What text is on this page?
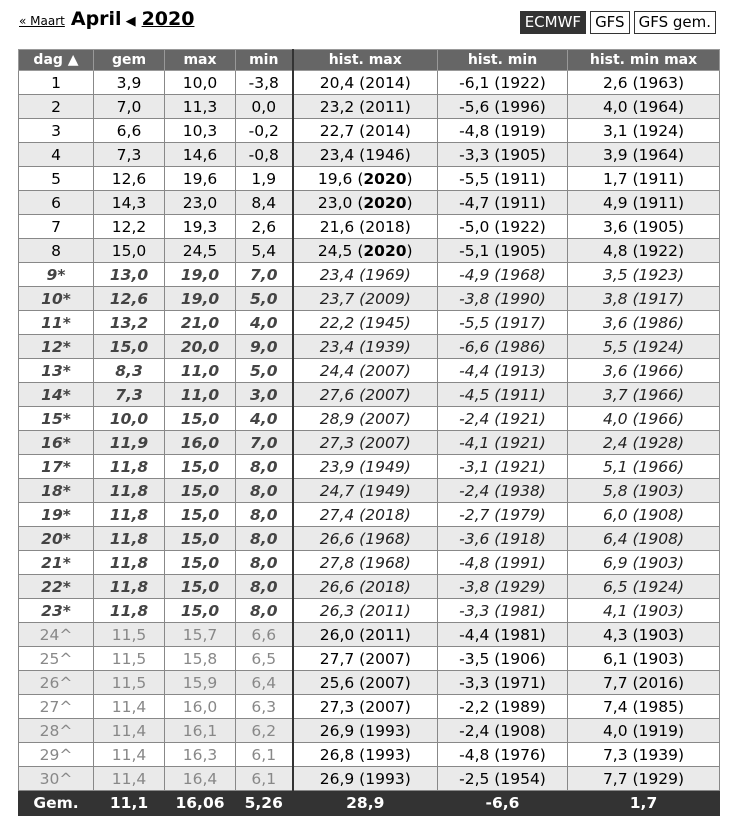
« Maart April ◀ 2020	ECMWF GFS GFS gem.
dag ▲	gem	max	min	hist. max	hist. min	hist. min max
1	3,9	10,0	-3,8	20,4 (2014)	-6,1 (1922)	2,6 (1963)
2	7,0	11,3	0,0	23,2 (2011)	-5,6 (1996)	4,0 (1964)
3	6,6	10,3	-0,2	22,7 (2014)	-4,8 (1919)	3,1 (1924)
4	7,3	14,6	-0,8	23,4 (1946)	-3,3 (1905)	3,9 (1964)
5	12,6	19,6	1,9	19,6 (2020)	-5,5 (1911)	1,7 (1911)
6	14,3	23,0	8,4	23,0 (2020)	-4,7 (1911)	4,9 (1911)
7	12,2	19,3	2,6	21,6 (2018)	-5,0 (1922)	3,6 (1905)
8	15,0	24,5	5,4	24,5 (2020)	-5,1 (1905)	4,8 (1922)
9*	13,0	19,0	7,0	23,4 (1969)	-4,9 (1968)	3,5 (1923)
10*	12,6	19,0	5,0	23,7 (2009)	-3,8 (1990)	3,8 (1917)
11*	13,2	21,0	4,0	22,2 (1945)	-5,5 (1917)	3,6 (1986)
12*	15,0	20,0	9,0	23,4 (1939)	-6,6 (1986)	5,5 (1924)
13*	8,3	11,0	5,0	24,4 (2007)	-4,4 (1913)	3,6 (1966)
14*	7,3	11,0	3,0	27,6 (2007)	-4,5 (1911)	3,7 (1966)
15*	10,0	15,0	4,0	28,9 (2007)	-2,4 (1921)	4,0 (1966)
16*	11,9	16,0	7,0	27,3 (2007)	-4,1 (1921)	2,4 (1928)
17*	11,8	15,0	8,0	23,9 (1949)	-3,1 (1921)	5,1 (1966)
18*	11,8	15,0	8,0	24,7 (1949)	-2,4 (1938)	5,8 (1903)
19*	11,8	15,0	8,0	27,4 (2018)	-2,7 (1979)	6,0 (1908)
20*	11,8	15,0	8,0	26,6 (1968)	-3,6 (1918)	6,4 (1908)
21*	11,8	15,0	8,0	27,8 (1968)	-4,8 (1991)	6,9 (1903)
22*	11,8	15,0	8,0	26,6 (2018)	-3,8 (1929)	6,5 (1924)
23*	11,8	15,0	8,0	26,3 (2011)	-3,3 (1981)	4,1 (1903)
24^	11,5	15,7	6,6	26,0 (2011)	-4,4 (1981)	4,3 (1903)
25^	11,5	15,8	6,5	27,7 (2007)	-3,5 (1906)	6,1 (1903)
26^	11,5	15,9	6,4	25,6 (2007)	-3,3 (1971)	7,7 (2016)
27^	11,4	16,0	6,3	27,3 (2007)	-2,2 (1989)	7,4 (1985)
28^	11,4	16,1	6,2	26,9 (1993)	-2,4 (1908)	4,0 (1919)
29^	11,4	16,3	6,1	26,8 (1993)	-4,8 (1976)	7,3 (1939)
30^	11,4	16,4	6,1	26,9 (1993)	-2,5 (1954)	7,7 (1929)
Gem.	11,1	16,06	5,26	28,9	-6,6	1,7
